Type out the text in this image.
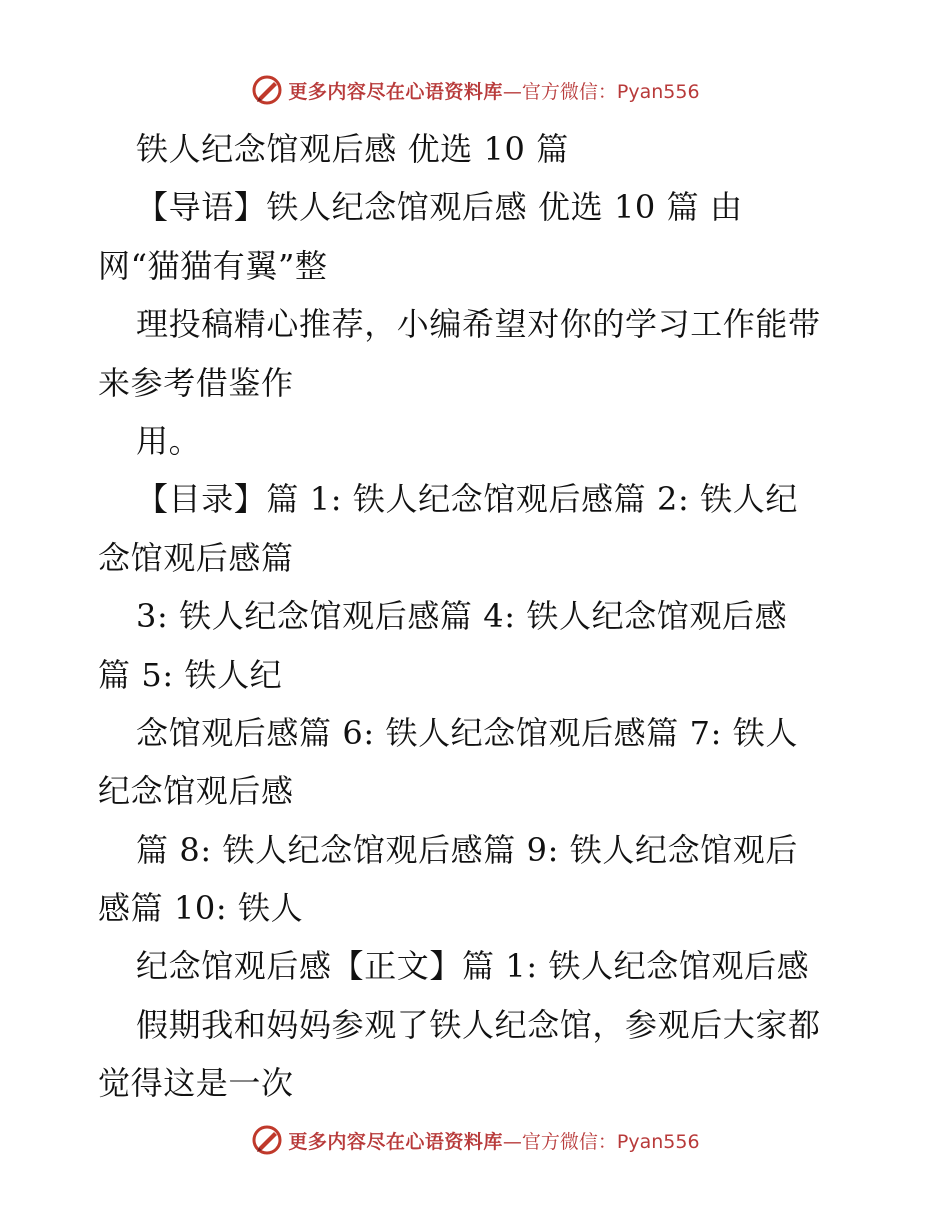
更多内容尽在心语资料库 —官方微信：Pyan556
铁人纪念馆观后感 优选 10 篇
【导语】铁人纪念馆观后感 优选 10 篇 由
网“猫猫有翼”整
理投稿精心推荐，小编希望对你的学习工作能带
来参考借鉴作
用。
【目录】篇 1: 铁人纪念馆观后感篇 2: 铁人纪
念馆观后感篇
3: 铁人纪念馆观后感篇 4: 铁人纪念馆观后感
篇 5: 铁人纪
念馆观后感篇 6: 铁人纪念馆观后感篇 7: 铁人
纪念馆观后感
篇 8: 铁人纪念馆观后感篇 9: 铁人纪念馆观后
感篇 10: 铁人
纪念馆观后感【正文】篇 1: 铁人纪念馆观后感
假期我和妈妈参观了铁人纪念馆，参观后大家都
觉得这是一次
更多内容尽在心语资料库 —官方微信：Pyan556
